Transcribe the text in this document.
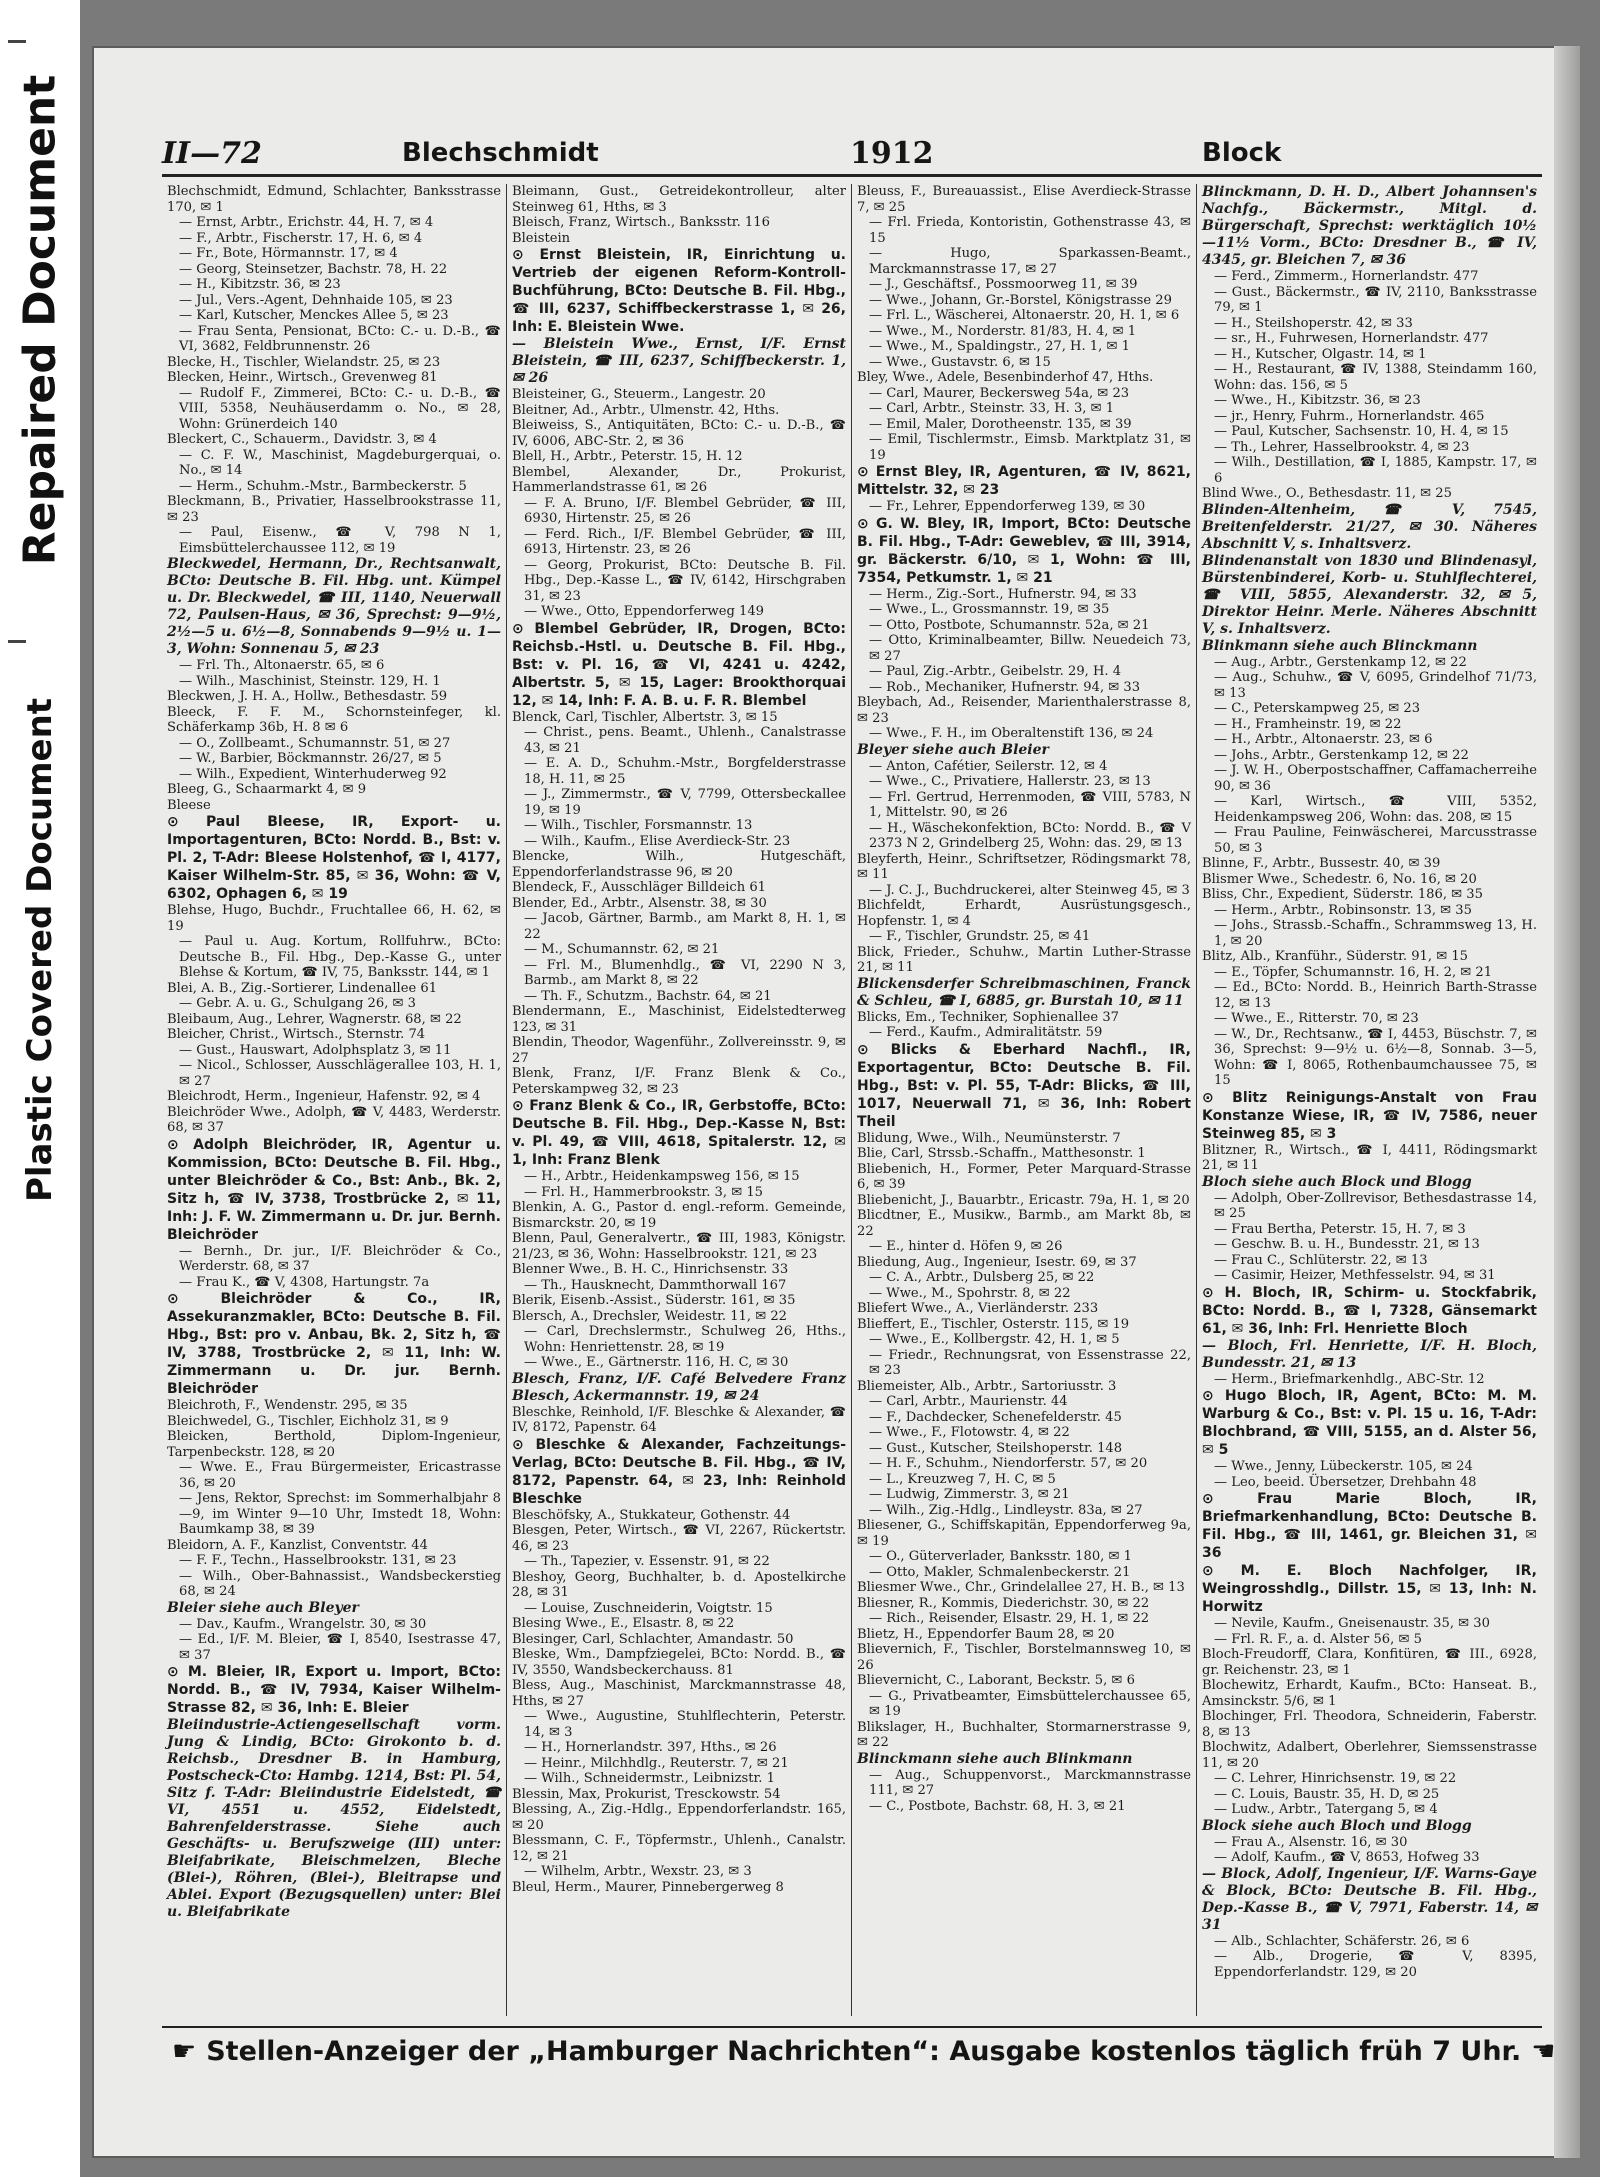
Repaired Document
Plastic Covered Document
II—72	Blechschmidt	1912	Block

Blechschmidt, Edmund, Schlachter, Banksstrasse 170, ✉ 1

— Ernst, Arbtr., Erichstr. 44, H. 7, ✉ 4

— F., Arbtr., Fischerstr. 17, H. 6, ✉ 4

— Fr., Bote, Hörmannstr. 17, ✉ 4

— Georg, Steinsetzer, Bachstr. 78, H. 22

— H., Kibitzstr. 36, ✉ 23

— Jul., Vers.-Agent, Dehnhaide 105, ✉ 23

— Karl, Kutscher, Menckes Allee 5, ✉ 23

— Frau Senta, Pensionat, BCto: C.- u. D.-B., ☎ VI, 3682, Feldbrunnenstr. 26

Blecke, H., Tischler, Wielandstr. 25, ✉ 23

Blecken, Heinr., Wirtsch., Grevenweg 81

— Rudolf F., Zimmerei, BCto: C.- u. D.-B., ☎ VIII, 5358, Neuhäuserdamm o. No., ✉ 28, Wohn: Grünerdeich 140

Bleckert, C., Schauerm., Davidstr. 3, ✉ 4

— C. F. W., Maschinist, Magdeburgerquai, o. No., ✉ 14

— Herm., Schuhm.-Mstr., Barmbeckerstr. 5

Bleckmann, B., Privatier, Hasselbrookstrasse 11, ✉ 23

— Paul, Eisenw., ☎ V, 798 N 1, Eimsbüttelerchaussee 112, ✉ 19

Bleckwedel, Hermann, Dr., Rechtsanwalt, BCto: Deutsche B. Fil. Hbg. unt. Kümpel u. Dr. Bleckwedel, ☎ III, 1140, Neuerwall 72, Paulsen-Haus, ✉ 36, Sprechst: 9—9½, 2½—5 u. 6½—8, Sonnabends 9—9½ u. 1—3, Wohn: Sonnenau 5, ✉ 23

— Frl. Th., Altonaerstr. 65, ✉ 6

— Wilh., Maschinist, Steinstr. 129, H. 1

Bleckwen, J. H. A., Hollw., Bethesdastr. 59

Bleeck, F. F. M., Schornsteinfeger, kl. Schäferkamp 36b, H. 8 ✉ 6

— O., Zollbeamt., Schumannstr. 51, ✉ 27

— W., Barbier, Böckmannstr. 26/27, ✉ 5

— Wilh., Expedient, Winterhuderweg 92

Bleeg, G., Schaarmarkt 4, ✉ 9

Bleese

⊙ Paul Bleese, IR, Export- u. Importagenturen, BCto: Nordd. B., Bst: v. Pl. 2, T-Adr: Bleese Holstenhof, ☎ I, 4177, Kaiser Wilhelm-Str. 85, ✉ 36, Wohn: ☎ V, 6302, Ophagen 6, ✉ 19

Blehse, Hugo, Buchdr., Fruchtallee 66, H. 62, ✉ 19

— Paul u. Aug. Kortum, Rollfuhrw., BCto: Deutsche B., Fil. Hbg., Dep.-Kasse G., unter Blehse & Kortum, ☎ IV, 75, Banksstr. 144, ✉ 1

Blei, A. B., Zig.-Sortierer, Lindenallee 61

— Gebr. A. u. G., Schulgang 26, ✉ 3

Bleibaum, Aug., Lehrer, Wagnerstr. 68, ✉ 22

Bleicher, Christ., Wirtsch., Sternstr. 74

— Gust., Hauswart, Adolphsplatz 3, ✉ 11

— Nicol., Schlosser, Ausschlägerallee 103, H. 1, ✉ 27

Bleichrodt, Herm., Ingenieur, Hafenstr. 92, ✉ 4

Bleichröder Wwe., Adolph, ☎ V, 4483, Werderstr. 68, ✉ 37

⊙ Adolph Bleichröder, IR, Agentur u. Kommission, BCto: Deutsche B. Fil. Hbg., unter Bleichröder & Co., Bst: Anb., Bk. 2, Sitz h, ☎ IV, 3738, Trostbrücke 2, ✉ 11, Inh: J. F. W. Zimmermann u. Dr. jur. Bernh. Bleichröder

— Bernh., Dr. jur., I/F. Bleichröder & Co., Werderstr. 68, ✉ 37

— Frau K., ☎ V, 4308, Hartungstr. 7a

⊙ Bleichröder & Co., IR, Assekuranzmakler, BCto: Deutsche B. Fil. Hbg., Bst: pro v. Anbau, Bk. 2, Sitz h, ☎ IV, 3788, Trostbrücke 2, ✉ 11, Inh: W. Zimmermann u. Dr. jur. Bernh. Bleichröder

Bleichroth, F., Wendenstr. 295, ✉ 35

Bleichwedel, G., Tischler, Eichholz 31, ✉ 9

Bleicken, Berthold, Diplom-Ingenieur, Tarpenbeckstr. 128, ✉ 20

— Wwe. E., Frau Bürgermeister, Ericastrasse 36, ✉ 20

— Jens, Rektor, Sprechst: im Sommerhalbjahr 8—9, im Winter 9—10 Uhr, Imstedt 18, Wohn: Baumkamp 38, ✉ 39

Bleidorn, A. F., Kanzlist, Conventstr. 44

— F. F., Techn., Hasselbrookstr. 131, ✉ 23

— Wilh., Ober-Bahnassist., Wandsbeckerstieg 68, ✉ 24

Bleier siehe auch Bleyer

— Dav., Kaufm., Wrangelstr. 30, ✉ 30

— Ed., I/F. M. Bleier, ☎ I, 8540, Isestrasse 47, ✉ 37

⊙ M. Bleier, IR, Export u. Import, BCto: Nordd. B., ☎ IV, 7934, Kaiser Wilhelm-Strasse 82, ✉ 36, Inh: E. Bleier

Bleiindustrie-Actiengesellschaft vorm. Jung & Lindig, BCto: Girokonto b. d. Reichsb., Dresdner B. in Hamburg, Postscheck-Cto: Hambg. 1214, Bst: Pl. 54, Sitz f. T-Adr: Bleiindustrie Eidelstedt, ☎ VI, 4551 u. 4552, Eidelstedt, Bahrenfelderstrasse. Siehe auch Geschäfts- u. Berufszweige (III) unter: Bleifabrikate, Bleischmelzen, Bleche (Blei-), Röhren, (Blei-), Bleitrapse und Ablei. Export (Bezugsquellen) unter: Blei u. Bleifabrikate

Bleimann, Gust., Getreidekontrolleur, alter Steinweg 61, Hths, ✉ 3

Bleisch, Franz, Wirtsch., Banksstr. 116

Bleistein

⊙ Ernst Bleistein, IR, Einrichtung u. Vertrieb der eigenen Reform-Kontroll-Buchführung, BCto: Deutsche B. Fil. Hbg., ☎ III, 6237, Schiffbeckerstrasse 1, ✉ 26, Inh: E. Bleistein Wwe.

— Bleistein Wwe., Ernst, I/F. Ernst Bleistein, ☎ III, 6237, Schiffbeckerstr. 1, ✉ 26

Bleisteiner, G., Steuerm., Langestr. 20

Bleitner, Ad., Arbtr., Ulmenstr. 42, Hths.

Bleiweiss, S., Antiquitäten, BCto: C.- u. D.-B., ☎ IV, 6006, ABC-Str. 2, ✉ 36

Blell, H., Arbtr., Peterstr. 15, H. 12

Blembel, Alexander, Dr., Prokurist, Hammerlandstrasse 61, ✉ 26

— F. A. Bruno, I/F. Blembel Gebrüder, ☎ III, 6930, Hirtenstr. 25, ✉ 26

— Ferd. Rich., I/F. Blembel Gebrüder, ☎ III, 6913, Hirtenstr. 23, ✉ 26

— Georg, Prokurist, BCto: Deutsche B. Fil. Hbg., Dep.-Kasse L., ☎ IV, 6142, Hirschgraben 31, ✉ 23

— Wwe., Otto, Eppendorferweg 149

⊙ Blembel Gebrüder, IR, Drogen, BCto: Reichsb.-Hstl. u. Deutsche B. Fil. Hbg., Bst: v. Pl. 16, ☎ VI, 4241 u. 4242, Albertstr. 5, ✉ 15, Lager: Brookthorquai 12, ✉ 14, Inh: F. A. B. u. F. R. Blembel

Blenck, Carl, Tischler, Albertstr. 3, ✉ 15

— Christ., pens. Beamt., Uhlenh., Canalstrasse 43, ✉ 21

— E. A. D., Schuhm.-Mstr., Borgfelderstrasse 18, H. 11, ✉ 25

— J., Zimmermstr., ☎ V, 7799, Ottersbeckallee 19, ✉ 19

— Wilh., Tischler, Forsmannstr. 13

— Wilh., Kaufm., Elise Averdieck-Str. 23

Blencke, Wilh., Hutgeschäft, Eppendorferlandstrasse 96, ✉ 20

Blendeck, F., Ausschläger Billdeich 61

Blender, Ed., Arbtr., Alsenstr. 38, ✉ 30

— Jacob, Gärtner, Barmb., am Markt 8, H. 1, ✉ 22

— M., Schumannstr. 62, ✉ 21

— Frl. M., Blumenhdlg., ☎ VI, 2290 N 3, Barmb., am Markt 8, ✉ 22

— Th. F., Schutzm., Bachstr. 64, ✉ 21

Blendermann, E., Maschinist, Eidelstedterweg 123, ✉ 31

Blendin, Theodor, Wagenführ., Zollvereinsstr. 9, ✉ 27

Blenk, Franz, I/F. Franz Blenk & Co., Peterskampweg 32, ✉ 23

⊙ Franz Blenk & Co., IR, Gerbstoffe, BCto: Deutsche B. Fil. Hbg., Dep.-Kasse N, Bst: v. Pl. 49, ☎ VIII, 4618, Spitalerstr. 12, ✉ 1, Inh: Franz Blenk

— H., Arbtr., Heidenkampsweg 156, ✉ 15

— Frl. H., Hammerbrookstr. 3, ✉ 15

Blenkin, A. G., Pastor d. engl.-reform. Gemeinde, Bismarckstr. 20, ✉ 19

Blenn, Paul, Generalvertr., ☎ III, 1983, Königstr. 21/23, ✉ 36, Wohn: Hasselbrookstr. 121, ✉ 23

Blenner Wwe., B. H. C., Hinrichsenstr. 33

— Th., Hausknecht, Dammthorwall 167

Blerik, Eisenb.-Assist., Süderstr. 161, ✉ 35

Blersch, A., Drechsler, Weidestr. 11, ✉ 22

— Carl, Drechslermstr., Schulweg 26, Hths., Wohn: Henriettenstr. 28, ✉ 19

— Wwe., E., Gärtnerstr. 116, H. C, ✉ 30

Blesch, Franz, I/F. Café Belvedere Franz Blesch, Ackermannstr. 19, ✉ 24

Bleschke, Reinhold, I/F. Bleschke & Alexander, ☎ IV, 8172, Papenstr. 64

⊙ Bleschke & Alexander, Fachzeitungs-Verlag, BCto: Deutsche B. Fil. Hbg., ☎ IV, 8172, Papenstr. 64, ✉ 23, Inh: Reinhold Bleschke

Bleschöfsky, A., Stukkateur, Gothenstr. 44

Blesgen, Peter, Wirtsch., ☎ VI, 2267, Rückertstr. 46, ✉ 23

— Th., Tapezier, v. Essenstr. 91, ✉ 22

Bleshoy, Georg, Buchhalter, b. d. Apostelkirche 28, ✉ 31

— Louise, Zuschneiderin, Voigtstr. 15

Blesing Wwe., E., Elsastr. 8, ✉ 22

Blesinger, Carl, Schlachter, Amandastr. 50

Bleske, Wm., Dampfziegelei, BCto: Nordd. B., ☎ IV, 3550, Wandsbeckerchauss. 81

Bless, Aug., Maschinist, Marckmannstrasse 48, Hths, ✉ 27

— Wwe., Augustine, Stuhlflechterin, Peterstr. 14, ✉ 3

— H., Hornerlandstr. 397, Hths., ✉ 26

— Heinr., Milchhdlg., Reuterstr. 7, ✉ 21

— Wilh., Schneidermstr., Leibnizstr. 1

Blessin, Max, Prokurist, Tresckowstr. 54

Blessing, A., Zig.-Hdlg., Eppendorferlandstr. 165, ✉ 20

Blessmann, C. F., Töpfermstr., Uhlenh., Canalstr. 12, ✉ 21

— Wilhelm, Arbtr., Wexstr. 23, ✉ 3

Bleul, Herm., Maurer, Pinnebergerweg 8

Bleuss, F., Bureauassist., Elise Averdieck-Strasse 7, ✉ 25

— Frl. Frieda, Kontoristin, Gothenstrasse 43, ✉ 15

— Hugo, Sparkassen-Beamt., Marckmannstrasse 17, ✉ 27

— J., Geschäftsf., Possmoorweg 11, ✉ 39

— Wwe., Johann, Gr.-Borstel, Königstrasse 29

— Frl. L., Wäscherei, Altonaerstr. 20, H. 1, ✉ 6

— Wwe., M., Norderstr. 81/83, H. 4, ✉ 1

— Wwe., M., Spaldingstr., 27, H. 1, ✉ 1

— Wwe., Gustavstr. 6, ✉ 15

Bley, Wwe., Adele, Besenbinderhof 47, Hths.

— Carl, Maurer, Beckersweg 54a, ✉ 23

— Carl, Arbtr., Steinstr. 33, H. 3, ✉ 1

— Emil, Maler, Dorotheenstr. 135, ✉ 39

— Emil, Tischlermstr., Eimsb. Marktplatz 31, ✉ 19

⊙ Ernst Bley, IR, Agenturen, ☎ IV, 8621, Mittelstr. 32, ✉ 23

— Fr., Lehrer, Eppendorferweg 139, ✉ 30

⊙ G. W. Bley, IR, Import, BCto: Deutsche B. Fil. Hbg., T-Adr: Geweblev, ☎ III, 3914, gr. Bäckerstr. 6/10, ✉ 1, Wohn: ☎ III, 7354, Petkumstr. 1, ✉ 21

— Herm., Zig.-Sort., Hufnerstr. 94, ✉ 33

— Wwe., L., Grossmannstr. 19, ✉ 35

— Otto, Postbote, Schumannstr. 52a, ✉ 21

— Otto, Kriminalbeamter, Billw. Neuedeich 73, ✉ 27

— Paul, Zig.-Arbtr., Geibelstr. 29, H. 4

— Rob., Mechaniker, Hufnerstr. 94, ✉ 33

Bleybach, Ad., Reisender, Marienthalerstrasse 8, ✉ 23

— Wwe., F. H., im Oberaltenstift 136, ✉ 24

Bleyer siehe auch Bleier

— Anton, Cafétier, Seilerstr. 12, ✉ 4

— Wwe., C., Privatiere, Hallerstr. 23, ✉ 13

— Frl. Gertrud, Herrenmoden, ☎ VIII, 5783, N 1, Mittelstr. 90, ✉ 26

— H., Wäschekonfektion, BCto: Nordd. B., ☎ V 2373 N 2, Grindelberg 25, Wohn: das. 29, ✉ 13

Bleyferth, Heinr., Schriftsetzer, Rödingsmarkt 78, ✉ 11

— J. C. J., Buchdruckerei, alter Steinweg 45, ✉ 3

Blichfeldt, Erhardt, Ausrüstungsgesch., Hopfenstr. 1, ✉ 4

— F., Tischler, Grundstr. 25, ✉ 41

Blick, Frieder., Schuhw., Martin Luther-Strasse 21, ✉ 11

Blickensderfer Schreibmaschinen, Franck & Schleu, ☎ I, 6885, gr. Burstah 10, ✉ 11

Blicks, Em., Techniker, Sophienallee 37

— Ferd., Kaufm., Admiralitätstr. 59

⊙ Blicks & Eberhard Nachfl., IR, Exportagentur, BCto: Deutsche B. Fil. Hbg., Bst: v. Pl. 55, T-Adr: Blicks, ☎ III, 1017, Neuerwall 71, ✉ 36, Inh: Robert Theil

Blidung, Wwe., Wilh., Neumünsterstr. 7

Blie, Carl, Strssb.-Schaffn., Matthesonstr. 1

Bliebenich, H., Former, Peter Marquard-Strasse 6, ✉ 39

Bliebenicht, J., Bauarbtr., Ericastr. 79a, H. 1, ✉ 20

Blicdtner, E., Musikw., Barmb., am Markt 8b, ✉ 22

— E., hinter d. Höfen 9, ✉ 26

Bliedung, Aug., Ingenieur, Isestr. 69, ✉ 37

— C. A., Arbtr., Dulsberg 25, ✉ 22

— Wwe., M., Spohrstr. 8, ✉ 22

Bliefert Wwe., A., Vierländerstr. 233

Blieffert, E., Tischler, Osterstr. 115, ✉ 19

— Wwe., E., Kollbergstr. 42, H. 1, ✉ 5

— Friedr., Rechnungsrat, von Essenstrasse 22, ✉ 23

Bliemeister, Alb., Arbtr., Sartoriusstr. 3

— Carl, Arbtr., Maurienstr. 44

— F., Dachdecker, Schenefelderstr. 45

— Wwe., F., Flotowstr. 4, ✉ 22

— Gust., Kutscher, Steilshoperstr. 148

— H. F., Schuhm., Niendorferstr. 57, ✉ 20

— L., Kreuzweg 7, H. C, ✉ 5

— Ludwig, Zimmerstr. 3, ✉ 21

— Wilh., Zig.-Hdlg., Lindleystr. 83a, ✉ 27

Bliesener, G., Schiffskapitän, Eppendorferweg 9a, ✉ 19

— O., Güterverlader, Banksstr. 180, ✉ 1

— Otto, Makler, Schmalenbeckerstr. 21

Bliesmer Wwe., Chr., Grindelallee 27, H. B., ✉ 13

Bliesner, R., Kommis, Diederichstr. 30, ✉ 22

— Rich., Reisender, Elsastr. 29, H. 1, ✉ 22

Blietz, H., Eppendorfer Baum 28, ✉ 20

Blievernich, F., Tischler, Borstelmannsweg 10, ✉ 26

Blievernicht, C., Laborant, Beckstr. 5, ✉ 6

— G., Privatbeamter, Eimsbüttelerchaussee 65, ✉ 19

Blikslager, H., Buchhalter, Stormarnerstrasse 9, ✉ 22

Blinckmann siehe auch Blinkmann

— Aug., Schuppenvorst., Marckmannstrasse 111, ✉ 27

— C., Postbote, Bachstr. 68, H. 3, ✉ 21

Blinckmann, D. H. D., Albert Johannsen's Nachfg., Bäckermstr., Mitgl. d. Bürgerschaft, Sprechst: werktäglich 10½—11½ Vorm., BCto: Dresdner B., ☎ IV, 4345, gr. Bleichen 7, ✉ 36

— Ferd., Zimmerm., Hornerlandstr. 477

— Gust., Bäckermstr., ☎ IV, 2110, Banksstrasse 79, ✉ 1

— H., Steilshoperstr. 42, ✉ 33

— sr., H., Fuhrwesen, Hornerlandstr. 477

— H., Kutscher, Olgastr. 14, ✉ 1

— H., Restaurant, ☎ IV, 1388, Steindamm 160, Wohn: das. 156, ✉ 5

— Wwe., H., Kibitzstr. 36, ✉ 23

— jr., Henry, Fuhrm., Hornerlandstr. 465

— Paul, Kutscher, Sachsenstr. 10, H. 4, ✉ 15

— Th., Lehrer, Hasselbrookstr. 4, ✉ 23

— Wilh., Destillation, ☎ I, 1885, Kampstr. 17, ✉ 6

Blind Wwe., O., Bethesdastr. 11, ✉ 25

Blinden-Altenheim, ☎ V, 7545, Breitenfelderstr. 21/27, ✉ 30. Näheres Abschnitt V, s. Inhaltsverz.

Blindenanstalt von 1830 und Blindenasyl, Bürstenbinderei, Korb- u. Stuhlflechterei, ☎ VIII, 5855, Alexanderstr. 32, ✉ 5, Direktor Heinr. Merle. Näheres Abschnitt V, s. Inhaltsverz.

Blinkmann siehe auch Blinckmann

— Aug., Arbtr., Gerstenkamp 12, ✉ 22

— Aug., Schuhw., ☎ V, 6095, Grindelhof 71/73, ✉ 13

— C., Peterskampweg 25, ✉ 23

— H., Framheinstr. 19, ✉ 22

— H., Arbtr., Altonaerstr. 23, ✉ 6

— Johs., Arbtr., Gerstenkamp 12, ✉ 22

— J. W. H., Oberpostschaffner, Caffamacherreihe 90, ✉ 36

— Karl, Wirtsch., ☎ VIII, 5352, Heidenkampsweg 206, Wohn: das. 208, ✉ 15

— Frau Pauline, Feinwäscherei, Marcusstrasse 50, ✉ 3

Blinne, F., Arbtr., Bussestr. 40, ✉ 39

Blismer Wwe., Schedestr. 6, No. 16, ✉ 20

Bliss, Chr., Expedient, Süderstr. 186, ✉ 35

— Herm., Arbtr., Robinsonstr. 13, ✉ 35

— Johs., Strassb.-Schaffn., Schrammsweg 13, H. 1, ✉ 20

Blitz, Alb., Kranführ., Süderstr. 91, ✉ 15

— E., Töpfer, Schumannstr. 16, H. 2, ✉ 21

— Ed., BCto: Nordd. B., Heinrich Barth-Strasse 12, ✉ 13

— Wwe., E., Ritterstr. 70, ✉ 23

— W., Dr., Rechtsanw., ☎ I, 4453, Büschstr. 7, ✉ 36, Sprechst: 9—9½ u. 6½—8, Sonnab. 3—5, Wohn: ☎ I, 8065, Rothenbaumchaussee 75, ✉ 15

⊙ Blitz Reinigungs-Anstalt von Frau Konstanze Wiese, IR, ☎ IV, 7586, neuer Steinweg 85, ✉ 3

Blitzner, R., Wirtsch., ☎ I, 4411, Rödingsmarkt 21, ✉ 11

Bloch siehe auch Block und Blogg

— Adolph, Ober-Zollrevisor, Bethesdastrasse 14, ✉ 25

— Frau Bertha, Peterstr. 15, H. 7, ✉ 3

— Geschw. B. u. H., Bundesstr. 21, ✉ 13

— Frau C., Schlüterstr. 22, ✉ 13

— Casimir, Heizer, Methfesselstr. 94, ✉ 31

⊙ H. Bloch, IR, Schirm- u. Stockfabrik, BCto: Nordd. B., ☎ I, 7328, Gänsemarkt 61, ✉ 36, Inh: Frl. Henriette Bloch

— Bloch, Frl. Henriette, I/F. H. Bloch, Bundesstr. 21, ✉ 13

— Herm., Briefmarkenhdlg., ABC-Str. 12

⊙ Hugo Bloch, IR, Agent, BCto: M. M. Warburg & Co., Bst: v. Pl. 15 u. 16, T-Adr: Blochbrand, ☎ VIII, 5155, an d. Alster 56, ✉ 5

— Wwe., Jenny, Lübeckerstr. 105, ✉ 24

— Leo, beeid. Übersetzer, Drehbahn 48

⊙ Frau Marie Bloch, IR, Briefmarkenhandlung, BCto: Deutsche B. Fil. Hbg., ☎ III, 1461, gr. Bleichen 31, ✉ 36

⊙ M. E. Bloch Nachfolger, IR, Weingrosshdlg., Dillstr. 15, ✉ 13, Inh: N. Horwitz

— Nevile, Kaufm., Gneisenaustr. 35, ✉ 30

— Frl. R. F., a. d. Alster 56, ✉ 5

Bloch-Freudorff, Clara, Konfitüren, ☎ III., 6928, gr. Reichenstr. 23, ✉ 1

Blochewitz, Erhardt, Kaufm., BCto: Hanseat. B., Amsinckstr. 5/6, ✉ 1

Blochinger, Frl. Theodora, Schneiderin, Faberstr. 8, ✉ 13

Blochwitz, Adalbert, Oberlehrer, Siemssenstrasse 11, ✉ 20

— C. Lehrer, Hinrichsenstr. 19, ✉ 22

— C. Louis, Baustr. 35, H. D, ✉ 25

— Ludw., Arbtr., Tatergang 5, ✉ 4

Block siehe auch Bloch und Blogg

— Frau A., Alsenstr. 16, ✉ 30

— Adolf, Kaufm., ☎ V, 8653, Hofweg 33

— Block, Adolf, Ingenieur, I/F. Warns-Gaye & Block, BCto: Deutsche B. Fil. Hbg., Dep.-Kasse B., ☎ V, 7971, Faberstr. 14, ✉ 31

— Alb., Schlachter, Schäferstr. 26, ✉ 6

— Alb., Drogerie, ☎ V, 8395, Eppendorferlandstr. 129, ✉ 20

☛ Stellen-Anzeiger der „Hamburger Nachrichten“: Ausgabe kostenlos täglich früh 7 Uhr. ☚
